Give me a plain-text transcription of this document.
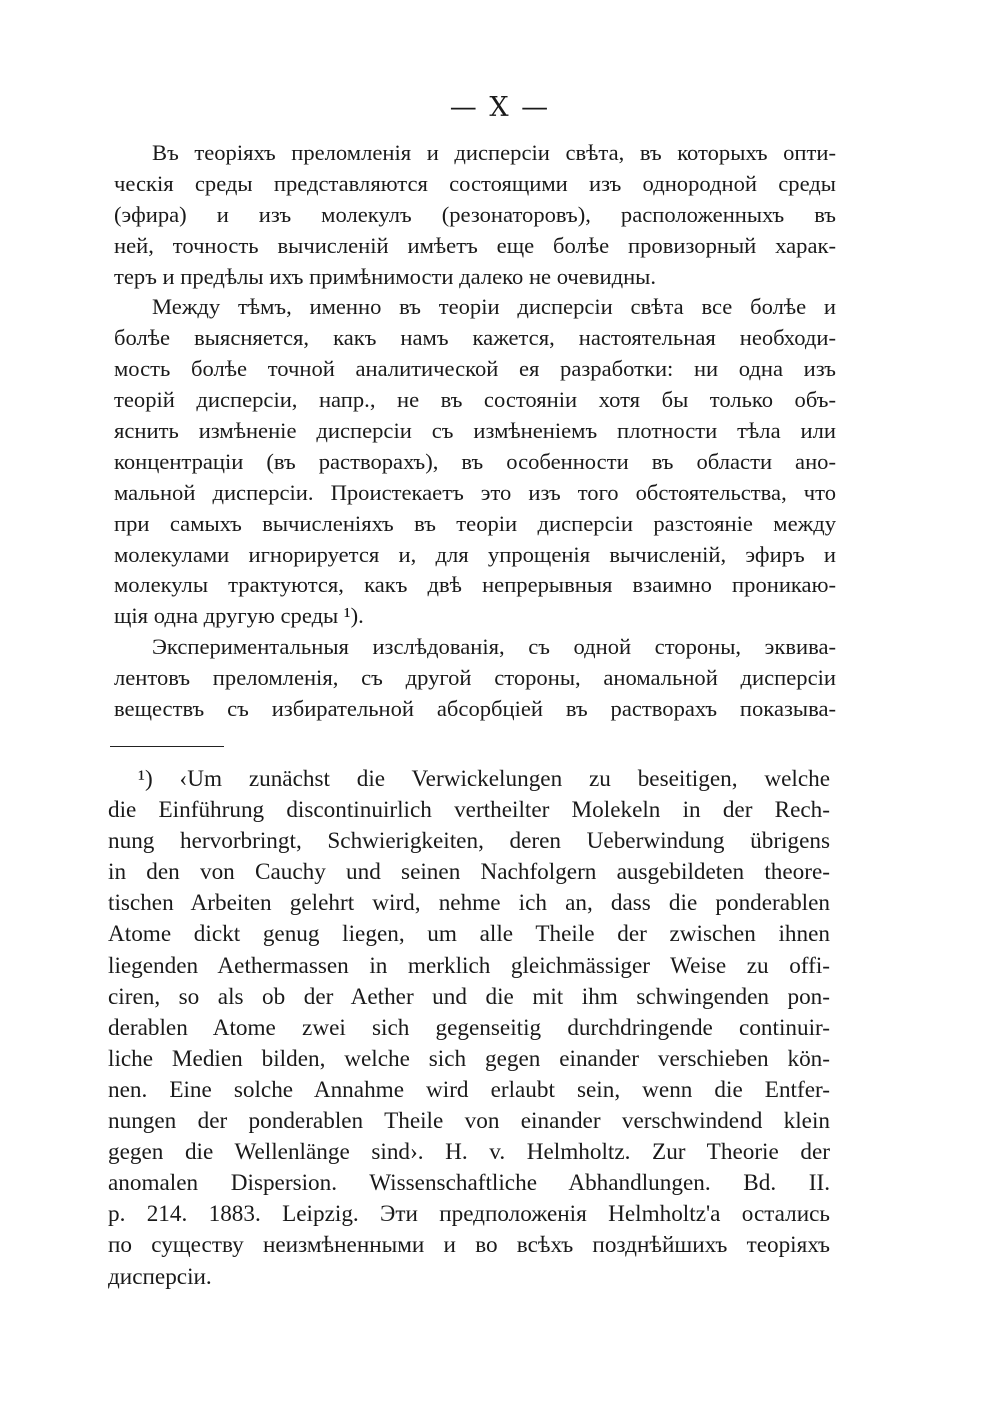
— X —
Въ теоріяхъ преломленія и дисперсіи свѣта, въ которыхъ опти-
ческія среды представляются состоящими изъ однородной среды
(эфира) и изъ молекулъ (резонаторовъ), расположенныхъ въ
ней, точность вычисленій имѣетъ еще болѣе провизорный харак-
теръ и предѣлы ихъ примѣнимости далеко не очевидны.
Между тѣмъ, именно въ теоріи дисперсіи свѣта все болѣе и
болѣе выясняется, какъ намъ кажется, настоятельная необходи-
мость болѣе точной аналитической ея разработки: ни одна изъ
теорій дисперсіи, напр., не въ состояніи хотя бы только объ-
яснить измѣненіе дисперсіи съ измѣненіемъ плотности тѣла или
концентраціи (въ растворахъ), въ особенности въ области ано-
мальной дисперсіи. Проистекаетъ это изъ того обстоятельства, что
при самыхъ вычисленіяхъ въ теоріи дисперсіи разстояніе между
молекулами игнорируется и, для упрощенія вычисленій, эфиръ и
молекулы трактуются, какъ двѣ непрерывныя взаимно проникаю-
щія одна другую среды ¹).
Экспериментальныя изслѣдованія, съ одной стороны, эквива-
лентовъ преломленія, съ другой стороны, аномальной дисперсіи
веществъ съ избирательной абсорбціей въ растворахъ показыва-
¹) ‹Um zunächst die Verwickelungen zu beseitigen, welche
die Einführung discontinuirlich vertheilter Molekeln in der Rech-
nung hervorbringt, Schwierigkeiten, deren Ueberwindung übrigens
in den von Cauchy und seinen Nachfolgern ausgebildeten theore-
tischen Arbeiten gelehrt wird, nehme ich an, dass die ponderablen
Atome dickt genug liegen, um alle Theile der zwischen ihnen
liegenden Aethermassen in merklich gleichmässiger Weise zu offi-
ciren, so als ob der Aether und die mit ihm schwingenden pon-
derablen Atome zwei sich gegenseitig durchdringende continuir-
liche Medien bilden, welche sich gegen einander verschieben kön-
nen. Eine solche Annahme wird erlaubt sein, wenn die Entfer-
nungen der ponderablen Theile von einander verschwindend klein
gegen die Wellenlänge sind›. H. v. Helmholtz. Zur Theorie der
anomalen Dispersion. Wissenschaftliche Abhandlungen. Bd. II.
p. 214. 1883. Leipzig. Эти предположенія Helmholtz'а остались
по существу неизмѣненными и во всѣхъ позднѣйшихъ теоріяхъ
дисперсіи.
